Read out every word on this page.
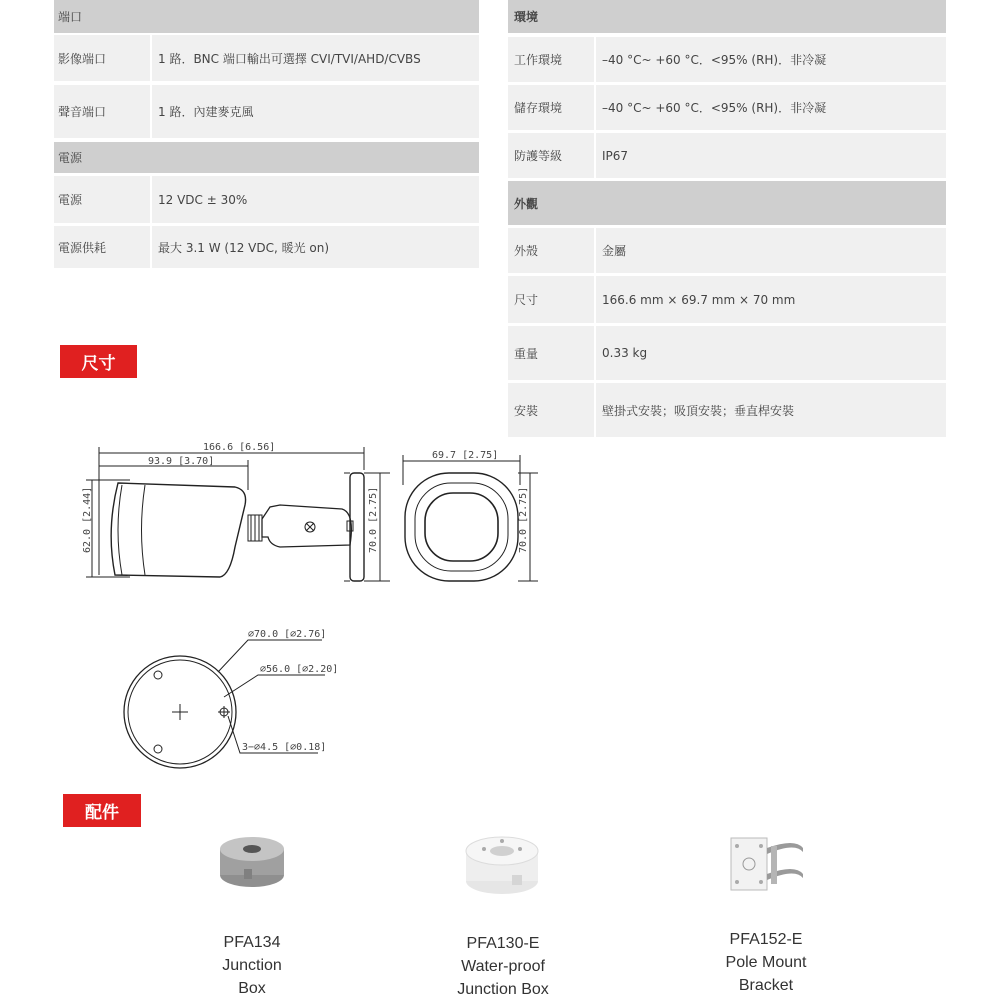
端口
影像端口	1 路．BNC 端口輸出可選擇 CVI/TVI/AHD/CVBS
聲音端口	1 路．內建麥克風
電源
電源	12 VDC ± 30%
電源供耗	最大 3.1 W (12 VDC, 暖光 on)
環境
工作環境	–40 °C~ +60 °C．<95% (RH)．非冷凝
儲存環境	–40 °C~ +60 °C．<95% (RH)．非冷凝
防護等級	IP67
外觀
外殼	金屬
尺寸	166.6 mm × 69.7 mm × 70 mm
重量	0.33 kg
安裝	壁掛式安裝；吸頂安裝；垂直桿安裝
尺寸
配件
166.6 [6.56]
93.9 [3.70]
62.0 [2.44]	70.0 [2.75]
69.7 [2.75]
70.0 [2.75]
⌀70.0 [⌀2.76]
⌀56.0 [⌀2.20]
3−⌀4.5 [⌀0.18]
PFA134
Junction
Box
PFA130-E
Water-proof
Junction Box
PFA152-E
Pole Mount
Bracket
